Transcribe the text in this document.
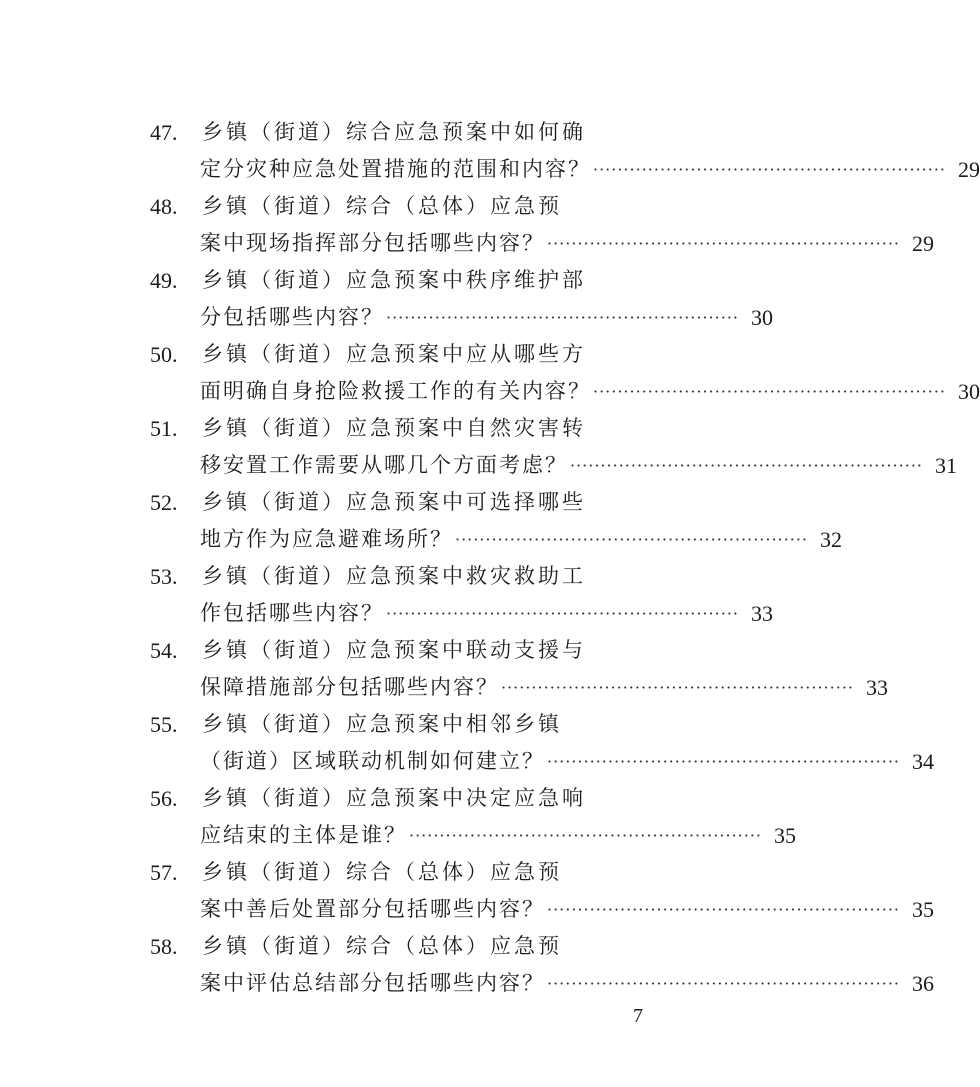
47.	乡镇（街道）综合应急预案中如何确
定分灾种应急处置措施的范围和内容？ ·························································· 29
48.	乡镇（街道）综合（总体）应急预
案中现场指挥部分包括哪些内容？ ·························································· 29
49.	乡镇（街道）应急预案中秩序维护部
分包括哪些内容？ ·························································· 30
50.	乡镇（街道）应急预案中应从哪些方
面明确自身抢险救援工作的有关内容？ ·························································· 30
51.	乡镇（街道）应急预案中自然灾害转
移安置工作需要从哪几个方面考虑？ ·························································· 31
52.	乡镇（街道）应急预案中可选择哪些
地方作为应急避难场所？ ·························································· 32
53.	乡镇（街道）应急预案中救灾救助工
作包括哪些内容？ ·························································· 33
54.	乡镇（街道）应急预案中联动支援与
保障措施部分包括哪些内容？ ·························································· 33
55.	乡镇（街道）应急预案中相邻乡镇
（街道）区域联动机制如何建立？ ·························································· 34
56.	乡镇（街道）应急预案中决定应急响
应结束的主体是谁？ ·························································· 35
57.	乡镇（街道）综合（总体）应急预
案中善后处置部分包括哪些内容？ ·························································· 35
58.	乡镇（街道）综合（总体）应急预
案中评估总结部分包括哪些内容？ ·························································· 36
7
